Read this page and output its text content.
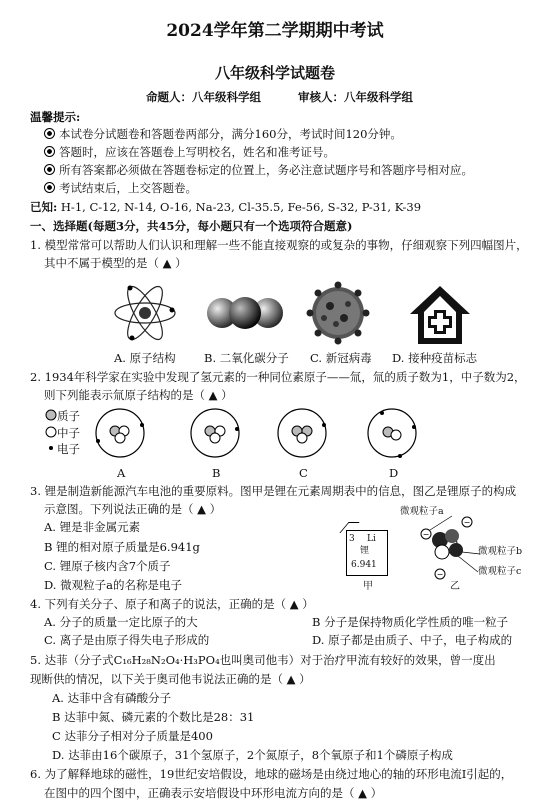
2024学年第二学期期中考试
八年级科学试题卷
命题人：八年级科学组	审核人：八年级科学组
温馨提示:
本试卷分试题卷和答题卷两部分，满分160分，考试时间120分钟。
答题时，应该在答题卷上写明校名，姓名和准考证号。
所有答案都必须做在答题卷标定的位置上，务必注意试题序号和答题序号相对应。
考试结束后，上交答题卷。
已知: H-1, C-12, N-14, O-16, Na-23, Cl-35.5, Fe-56, S-32, P-31, K-39
一、选择题(每题3分，共45分，每小题只有一个选项符合题意)
1. 模型常常可以帮助人们认识和理解一些不能直接观察的或复杂的事物，仔细观察下列四幅图片，
其中不属于模型的是（ ▲ ）
A. 原子结构 B. 二氧化碳分子 C. 新冠病毒 D. 接种疫苗标志
2. 1934年科学家在实验中发现了氢元素的一种同位素原子——氚，氚的质子数为1，中子数为2，
则下列能表示氚原子结构的是（ ▲ ）
质子
中子
电子
A	B	C	D
3. 锂是制造新能源汽车电池的重要原料。图甲是锂在元素周期表中的信息，图乙是锂原子的构成
示意图。下列说法正确的是（ ▲ ）
A. 锂是非金属元素
B 锂的相对原子质量是6.941g
C. 锂原子核内含7个质子
D. 微观粒子a的名称是电子
3 Li
锂
6.941
甲
−
−
−
微观粒子a
微观粒子b
微观粒子c
乙
4. 下列有关分子、原子和离子的说法，正确的是（ ▲ ）
A. 分子的质量一定比原子的大	B 分子是保持物质化学性质的唯一粒子
C. 离子是由原子得失电子形成的	D. 原子都是由质子、中子，电子构成的
5. 达菲（分子式C₁₆H₂₈N₂O₄·H₃PO₄也叫奥司他韦）对于治疗甲流有较好的效果，曾一度出
现断供的情况，以下关于奥司他韦说法正确的是（ ▲ ）
A. 达菲中含有磷酸分子
B 达菲中氮、磷元素的个数比是28：31
C 达菲分子相对分子质量是400
D. 达菲由16个碳原子，31个氢原子，2个氮原子，8个氧原子和1个磷原子构成
6. 为了解释地球的磁性，19世纪安培假设，地球的磁场是由绕过地心的轴的环形电流I引起的，
在图中的四个图中，正确表示安培假设中环形电流方向的是（ ▲ ）
